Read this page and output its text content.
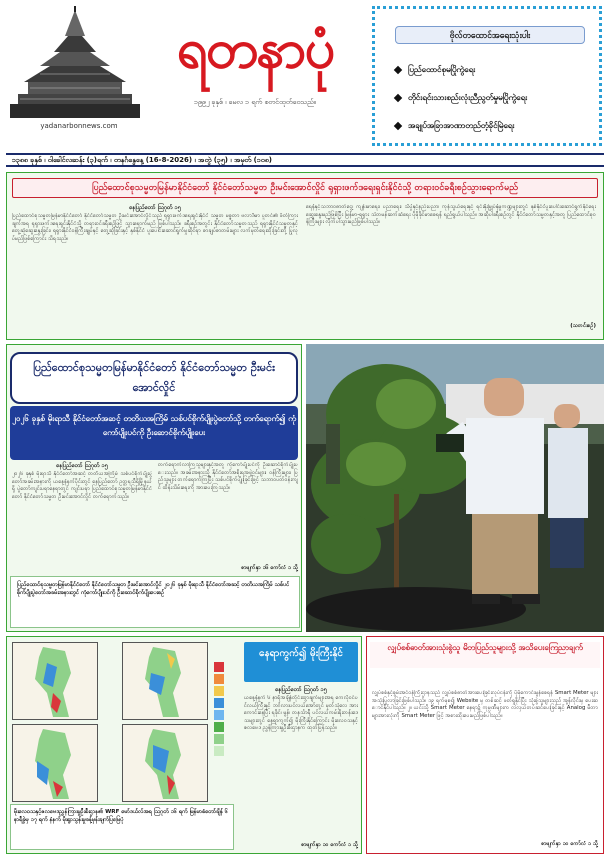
ရတနာပုံ
၁၉၉၂ ခုနှစ် ၊ မေလ ၁ ရက် စတင်ထုတ်ဝေသည်။
yadanarbonnews.com
ဗိုလ်တထောင်အရေးသုံးပါး
ပြည်ထောင်စုမပြိုကွဲရေး
တိုင်းရင်းသားစည်းလုံးညီညွတ်မှုမပြိုကွဲရေး
အချုပ်အခြာအာဏာတည်တံ့ခိုင်မြဲရေး
၁၃၈၈ ခုနှစ် ၊ ဝါခေါင်လဆန်း (၃)ရက် ၊ တနင်္ဂနွေနေ့ (16-8-2026) ၊ အတွဲ (၃၅) ၊ အမှတ် (၁၀၈)
ပြည်ထောင်စုသမ္မတမြန်မာနိုင်ငံတော် နိုင်ငံတော်သမ္မတ ဦးမင်းအောင်လှိုင် ရုရှားဖက်ဒရေးရှင်းနိုင်ငံသို့ တရားဝင်ခရီးစဉ်သွားရောက်မည်
နေပြည်တော် ဩဂုတ် ၁၅
ပြည်ထောင်စုသမ္မတမြန်မာနိုင်ငံတော် နိုင်ငံတော်သမ္မတ ဦးမင်းအောင်လှိုင်သည် ရုရှားဖက်ဒရေးရှင်းနိုင်ငံ သမ္မတ မစ္စတာ ဗလာဒီမာ ပူတင်၏ ဖိတ်ကြားချက်အရ ရုရှားဖက်ဒရေးရှင်းနိုင်ငံသို့ တရားဝင်ခရီးစဉ်ဖြင့် သွားရောက်မည် ဖြစ်ပါသည်။ ခရီးစဉ်အတွင်း နိုင်ငံတော်သမ္မတသည် ရုရှားနိုင်ငံသမ္မတနှင့် တွေ့ဆုံဆွေးနွေးခြင်း၊ ရုရှားနိုင်ငံဝန်ကြီးချုပ်နှင့် တွေ့ဆုံခြင်းနှင့် နှစ်နိုင်ငံ ပူးပေါင်းဆောင်ရွက်မှုဆိုင်ရာ စာချုပ်စာတမ်းများ လက်မှတ်ရေးထိုးခြင်းတို့ ပြုလုပ်မည်ဖြစ်ကြောင်း သိရသည်။
ရေနံနှင့်သဘာဝဓာတ်ငွေ့၊ ကျန်းမာရေး၊ ပညာရေး၊ သိပ္ပံနှင့်နည်းပညာ၊ ကုန်သွယ်ရေးနှင့် ရင်းနှီးမြှုပ်နှံမှုကဏ္ဍများတွင် နှစ်နိုင်ငံပူးပေါင်းဆောင်ရွက်နိုင်ရေး ဆွေးနွေးမည်ဖြစ်ပြီး မြန်မာ-ရုရှား သံတမန်ဆက်ဆံရေး ပိုမိုခိုင်မာစေရန် ရည်ရွယ်ပါသည်။ အဆိုပါခရီးစဉ်တွင် နိုင်ငံတော်သမ္မတနှင့်အတူ ပြည်ထောင်စုဝန်ကြီးများ လိုက်ပါသွားမည်ဖြစ်ပါသည်။
(သတင်းစဉ်)
ပြည်ထောင်စုသမ္မတမြန်မာနိုင်ငံတော် နိုင်ငံတော်သမ္မတ ဦးမင်းအောင်လှိုင်
၂၀၂၆ ခုနှစ် မိုးရာသီ နိုင်ငံတော်အဆင့် တတိယအကြိမ် သစ်ပင်စိုက်ပျိုးပွဲတော်သို့ တက်ရောက်၍ ကုံကော်ပျိုးပင်ကို ဦးဆောင်စိုက်ပျိုးပေး
နေပြည်တော် ဩဂုတ် ၁၅
၂၀၂၆ ခုနှစ် မိုးရာသီ နိုင်ငံတော်အဆင့် တတိယအကြိမ် သစ်ပင်စိုက်ပျိုးပွဲတော်အခမ်းအနားကို ယနေ့နံနက်ပိုင်းတွင် နေပြည်တော် ဥတ္တရသီရိမြို့နယ်ရှိ ပွဲတော်ကျင်းပရာနေရာတွင် ကျင်းပရာ ပြည်ထောင်စုသမ္မတမြန်မာနိုင်ငံတော် နိုင်ငံတော်သမ္မတ ဦးမင်းအောင်လှိုင် တက်ရောက်သည်။
တက်ရောက်လာကြသူများနှင့်အတူ ကုံကော်ပျိုးပင်ကို ဦးဆောင်စိုက်ပျိုးပေးသည်။ အခမ်းအနားသို့ နိုင်ငံတော်အစိုးရအဖွဲ့ဝင်များ၊ ဝန်ကြီးများ၊ ပြည်သူများ တက်ရောက်ကြပြီး သစ်ပင်စိုက်ပျိုးခြင်းဖြင့် သဘာဝပတ်ဝန်းကျင် ထိန်းသိမ်းရေးကို အားပေးကြသည်။
စာမျက်နှာ ၁၆ ကော်လံ ၁ သို့
ပြည်ထောင်စုသမ္မတမြန်မာနိုင်ငံတော် နိုင်ငံတော်သမ္မတ ဦးမင်းအောင်လှိုင် ၂၀၂၆ ခုနှစ် မိုးရာသီ နိုင်ငံတော်အဆင့် တတိယအကြိမ် သစ်ပင်စိုက်ပျိုးပွဲတော်အခမ်းအနားတွင် ကုံကော်ပျိုးပင်ကို ဦးဆောင်စိုက်ပျိုးပေးစဉ်
မိုးလေဝသနှင့်ဇလဗေဒညွှန်ကြားမှုဦးစီးဌာန၏ WRF မော်ဒယ်လ်အရ ဩဂုတ် ၁၆ ရက် မြန်မာစံတော်ချိန် ၆ နာရီခွဲမှ ၁၇ ရက် နံနက် မိုးရွာသွန်းမှုခန့်မှန်းချက်ပြမြေပုံ
နေရာကွက်၍ မိုးကြီးနိုင်
နေပြည်တော် ဩဂုတ် ၁၅
ယနေ့နံနက် ၆ နာရီအချိန်တိုင်းထွာချက်များအရ ကေလိုဝင်ပင်လယ်ကြီးနှင့် ဘင်္ဂလားပင်လယ်အော်တွင် မုတ်သုံလေ အားကောင်းနေပြီး ရခိုင်၊ မွန်၊ တနင်္သာရီ ပင်လယ်ကမ်းရိုးတန်းဒေသများတွင် နေရာကွက်၍ မိုးကြီးနိုင်ကြောင်း မိုးလေဝသနှင့်ဇလဗေဒ ညွှန်ကြားမှုဦးစီးဌာနက ထုတ်ပြန်သည်။
စာမျက်နှာ ၁၀ ကော်လံ ၁ သို့
လျှပ်စစ်ဓာတ်အားသုံးစွဲသူ မိဘပြည်သူများသို့ အသိပေးကြေညာချက်
လျှပ်စစ်နှင့်စွမ်းအင်ဝန်ကြီးဌာနသည် လျှပ်စစ်ဓာတ်အားပေးခြင်းလုပ်ငန်းကို ပိုမိုကောင်းမွန်စေရန် Smart Meter များ အသုံးပြုလာခြင်းဖြစ်ပါသည်။ ၁၉ ရက်မှစ၍ Website မှ တစ်ဆင့် ဖတ်ရှုနိုင်ပြီး သုံးစွဲသူများသည် အွန်လိုင်းမှ ပေးဆောင်နိုင်ပါသည်။ ၂။ ယင်းသို့ Smart Meter နေရာ၌ ကုမ္ပဏီများက လဲလှယ်တပ်ဆင်ပေးခြင်းနှင့် Analog မီတာများအားလုံးကို Smart Meter ဖြင့် အစားထိုးပေးမည်ဖြစ်ပါသည်။
စာမျက်နှာ ၁၀ ကော်လံ ၁ သို့
